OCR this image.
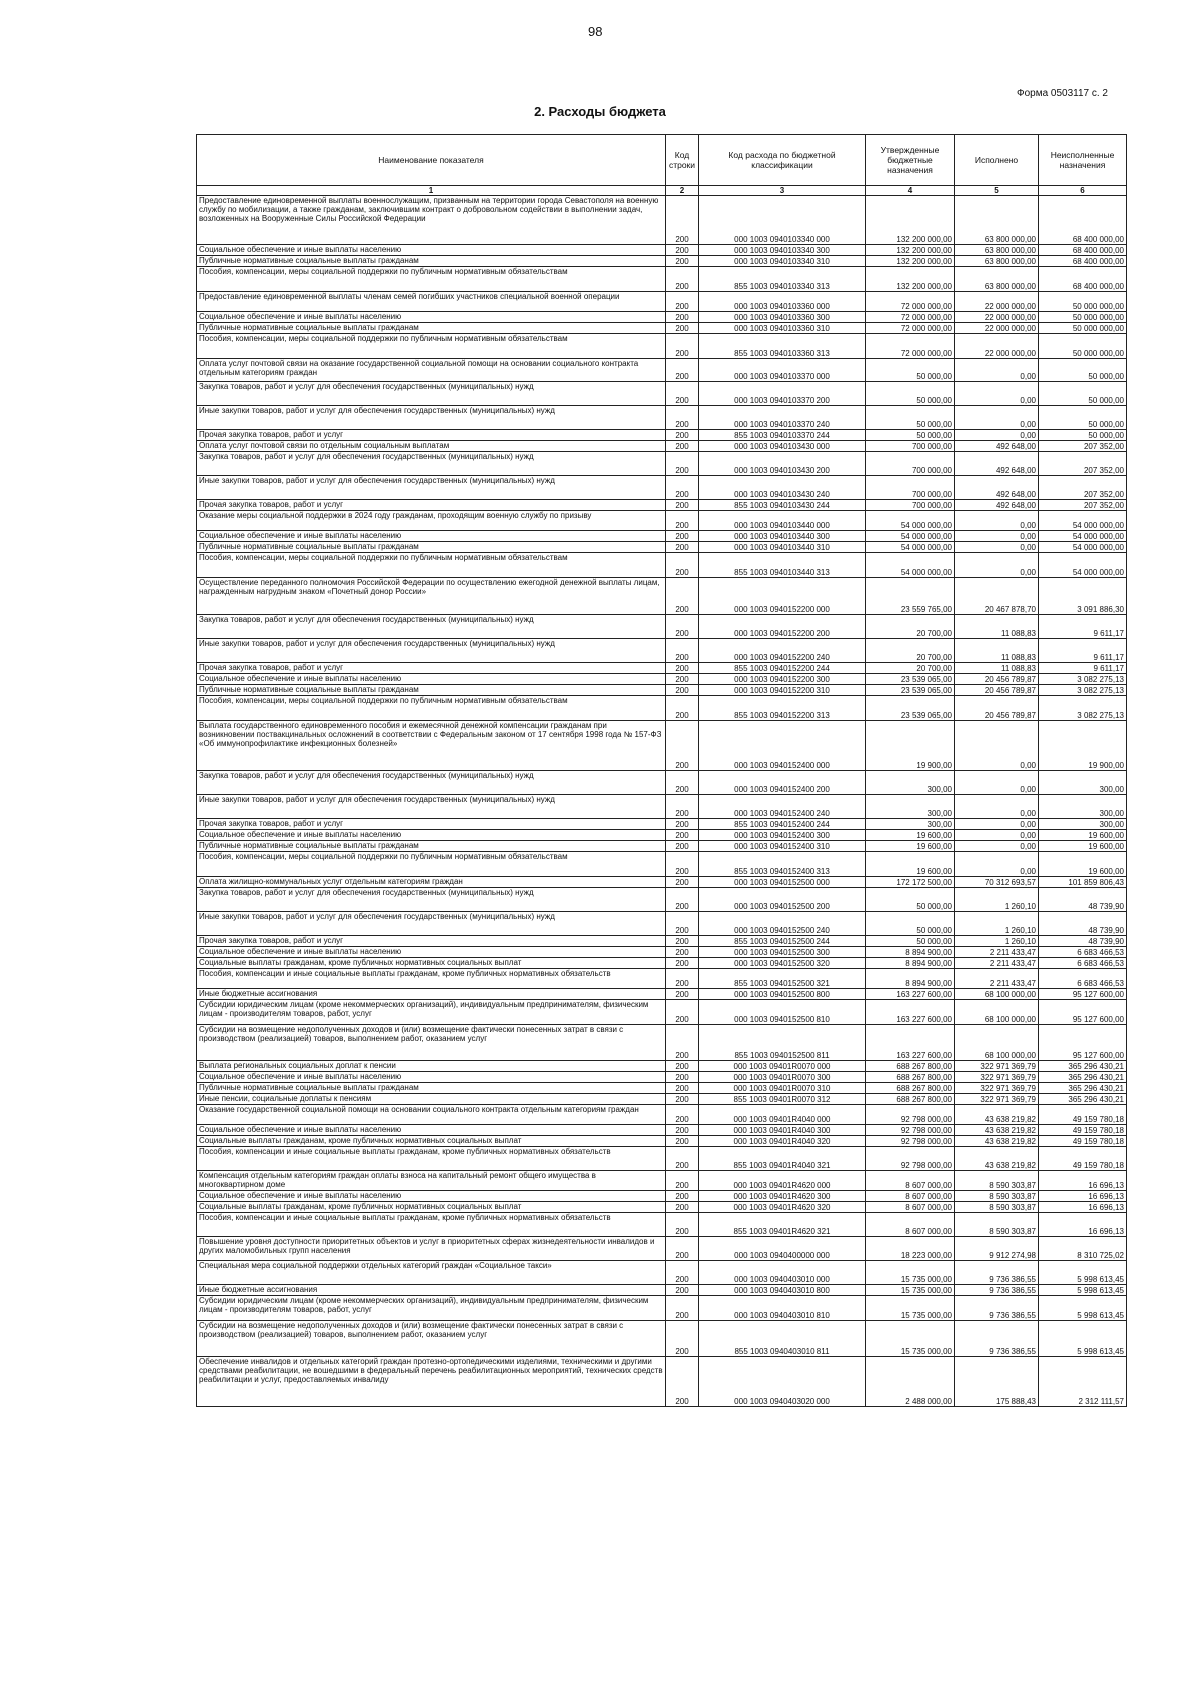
98
Форма 0503117 с. 2
2. Расходы бюджета
Наименование показателя	Код строки	Код расхода по бюджетной классификации	Утвержденные бюджетные назначения	Исполнено	Неисполненные назначения
1	2	3	4	5	6
Предоставление единовременной выплаты военнослужащим, призванным на территории города Севастополя на военную службу по мобилизации, а также гражданам, заключившим контракт о добровольном содействии в выполнении задач, возложенных на Вооруженные Силы Российской Федерации	200	000 1003 0940103340 000	132 200 000,00	63 800 000,00	68 400 000,00
Социальное обеспечение и иные выплаты населению	200	000 1003 0940103340 300	132 200 000,00	63 800 000,00	68 400 000,00
Публичные нормативные социальные выплаты гражданам	200	000 1003 0940103340 310	132 200 000,00	63 800 000,00	68 400 000,00
Пособия, компенсации, меры социальной поддержки по публичным нормативным обязательствам	200	855 1003 0940103340 313	132 200 000,00	63 800 000,00	68 400 000,00
Предоставление единовременной выплаты членам семей погибших участников специальной военной операции	200	000 1003 0940103360 000	72 000 000,00	22 000 000,00	50 000 000,00
Социальное обеспечение и иные выплаты населению	200	000 1003 0940103360 300	72 000 000,00	22 000 000,00	50 000 000,00
Публичные нормативные социальные выплаты гражданам	200	000 1003 0940103360 310	72 000 000,00	22 000 000,00	50 000 000,00
Пособия, компенсации, меры социальной поддержки по публичным нормативным обязательствам	200	855 1003 0940103360 313	72 000 000,00	22 000 000,00	50 000 000,00
Оплата услуг почтовой связи на оказание государственной социальной помощи на основании социального контракта отдельным категориям граждан	200	000 1003 0940103370 000	50 000,00	0,00	50 000,00
Закупка товаров, работ и услуг для обеспечения государственных (муниципальных) нужд	200	000 1003 0940103370 200	50 000,00	0,00	50 000,00
Иные закупки товаров, работ и услуг для обеспечения государственных (муниципальных) нужд	200	000 1003 0940103370 240	50 000,00	0,00	50 000,00
Прочая закупка товаров, работ и услуг	200	855 1003 0940103370 244	50 000,00	0,00	50 000,00
Оплата услуг почтовой связи по отдельным социальным выплатам	200	000 1003 0940103430 000	700 000,00	492 648,00	207 352,00
Закупка товаров, работ и услуг для обеспечения государственных (муниципальных) нужд	200	000 1003 0940103430 200	700 000,00	492 648,00	207 352,00
Иные закупки товаров, работ и услуг для обеспечения государственных (муниципальных) нужд	200	000 1003 0940103430 240	700 000,00	492 648,00	207 352,00
Прочая закупка товаров, работ и услуг	200	855 1003 0940103430 244	700 000,00	492 648,00	207 352,00
Оказание меры социальной поддержки в 2024 году гражданам, проходящим военную службу по призыву	200	000 1003 0940103440 000	54 000 000,00	0,00	54 000 000,00
Социальное обеспечение и иные выплаты населению	200	000 1003 0940103440 300	54 000 000,00	0,00	54 000 000,00
Публичные нормативные социальные выплаты гражданам	200	000 1003 0940103440 310	54 000 000,00	0,00	54 000 000,00
Пособия, компенсации, меры социальной поддержки по публичным нормативным обязательствам	200	855 1003 0940103440 313	54 000 000,00	0,00	54 000 000,00
Осуществление переданного полномочия Российской Федерации по осуществлению ежегодной денежной выплаты лицам, награжденным нагрудным знаком «Почетный донор России»	200	000 1003 0940152200 000	23 559 765,00	20 467 878,70	3 091 886,30
Закупка товаров, работ и услуг для обеспечения государственных (муниципальных) нужд	200	000 1003 0940152200 200	20 700,00	11 088,83	9 611,17
Иные закупки товаров, работ и услуг для обеспечения государственных (муниципальных) нужд	200	000 1003 0940152200 240	20 700,00	11 088,83	9 611,17
Прочая закупка товаров, работ и услуг	200	855 1003 0940152200 244	20 700,00	11 088,83	9 611,17
Социальное обеспечение и иные выплаты населению	200	000 1003 0940152200 300	23 539 065,00	20 456 789,87	3 082 275,13
Публичные нормативные социальные выплаты гражданам	200	000 1003 0940152200 310	23 539 065,00	20 456 789,87	3 082 275,13
Пособия, компенсации, меры социальной поддержки по публичным нормативным обязательствам	200	855 1003 0940152200 313	23 539 065,00	20 456 789,87	3 082 275,13
Выплата государственного единовременного пособия и ежемесячной денежной компенсации гражданам при возникновении поствакцинальных осложнений в соответствии с Федеральным законом от 17 сентября 1998 года № 157-ФЗ «Об иммунопрофилактике инфекционных болезней»	200	000 1003 0940152400 000	19 900,00	0,00	19 900,00
Закупка товаров, работ и услуг для обеспечения государственных (муниципальных) нужд	200	000 1003 0940152400 200	300,00	0,00	300,00
Иные закупки товаров, работ и услуг для обеспечения государственных (муниципальных) нужд	200	000 1003 0940152400 240	300,00	0,00	300,00
Прочая закупка товаров, работ и услуг	200	855 1003 0940152400 244	300,00	0,00	300,00
Социальное обеспечение и иные выплаты населению	200	000 1003 0940152400 300	19 600,00	0,00	19 600,00
Публичные нормативные социальные выплаты гражданам	200	000 1003 0940152400 310	19 600,00	0,00	19 600,00
Пособия, компенсации, меры социальной поддержки по публичным нормативным обязательствам	200	855 1003 0940152400 313	19 600,00	0,00	19 600,00
Оплата жилищно-коммунальных услуг отдельным категориям граждан	200	000 1003 0940152500 000	172 172 500,00	70 312 693,57	101 859 806,43
Закупка товаров, работ и услуг для обеспечения государственных (муниципальных) нужд	200	000 1003 0940152500 200	50 000,00	1 260,10	48 739,90
Иные закупки товаров, работ и услуг для обеспечения государственных (муниципальных) нужд	200	000 1003 0940152500 240	50 000,00	1 260,10	48 739,90
Прочая закупка товаров, работ и услуг	200	855 1003 0940152500 244	50 000,00	1 260,10	48 739,90
Социальное обеспечение и иные выплаты населению	200	000 1003 0940152500 300	8 894 900,00	2 211 433,47	6 683 466,53
Социальные выплаты гражданам, кроме публичных нормативных социальных выплат	200	000 1003 0940152500 320	8 894 900,00	2 211 433,47	6 683 466,53
Пособия, компенсации и иные социальные выплаты гражданам, кроме публичных нормативных обязательств	200	855 1003 0940152500 321	8 894 900,00	2 211 433,47	6 683 466,53
Иные бюджетные ассигнования	200	000 1003 0940152500 800	163 227 600,00	68 100 000,00	95 127 600,00
Субсидии юридическим лицам (кроме некоммерческих организаций), индивидуальным предпринимателям, физическим лицам - производителям товаров, работ, услуг	200	000 1003 0940152500 810	163 227 600,00	68 100 000,00	95 127 600,00
Субсидии на возмещение недополученных доходов и (или) возмещение фактически понесенных затрат в связи с производством (реализацией) товаров, выполнением работ, оказанием услуг	200	855 1003 0940152500 811	163 227 600,00	68 100 000,00	95 127 600,00
Выплата региональных социальных доплат к пенсии	200	000 1003 09401R0070 000	688 267 800,00	322 971 369,79	365 296 430,21
Социальное обеспечение и иные выплаты населению	200	000 1003 09401R0070 300	688 267 800,00	322 971 369,79	365 296 430,21
Публичные нормативные социальные выплаты гражданам	200	000 1003 09401R0070 310	688 267 800,00	322 971 369,79	365 296 430,21
Иные пенсии, социальные доплаты к пенсиям	200	855 1003 09401R0070 312	688 267 800,00	322 971 369,79	365 296 430,21
Оказание государственной социальной помощи на основании социального контракта отдельным категориям граждан	200	000 1003 09401R4040 000	92 798 000,00	43 638 219,82	49 159 780,18
Социальное обеспечение и иные выплаты населению	200	000 1003 09401R4040 300	92 798 000,00	43 638 219,82	49 159 780,18
Социальные выплаты гражданам, кроме публичных нормативных социальных выплат	200	000 1003 09401R4040 320	92 798 000,00	43 638 219,82	49 159 780,18
Пособия, компенсации и иные социальные выплаты гражданам, кроме публичных нормативных обязательств	200	855 1003 09401R4040 321	92 798 000,00	43 638 219,82	49 159 780,18
Компенсация отдельным категориям граждан оплаты взноса на капитальный ремонт общего имущества в многоквартирном доме	200	000 1003 09401R4620 000	8 607 000,00	8 590 303,87	16 696,13
Социальное обеспечение и иные выплаты населению	200	000 1003 09401R4620 300	8 607 000,00	8 590 303,87	16 696,13
Социальные выплаты гражданам, кроме публичных нормативных социальных выплат	200	000 1003 09401R4620 320	8 607 000,00	8 590 303,87	16 696,13
Пособия, компенсации и иные социальные выплаты гражданам, кроме публичных нормативных обязательств	200	855 1003 09401R4620 321	8 607 000,00	8 590 303,87	16 696,13
Повышение уровня доступности приоритетных объектов и услуг в приоритетных сферах жизнедеятельности инвалидов и других маломобильных групп населения	200	000 1003 0940400000 000	18 223 000,00	9 912 274,98	8 310 725,02
Специальная мера социальной поддержки отдельных категорий граждан «Социальное такси»	200	000 1003 0940403010 000	15 735 000,00	9 736 386,55	5 998 613,45
Иные бюджетные ассигнования	200	000 1003 0940403010 800	15 735 000,00	9 736 386,55	5 998 613,45
Субсидии юридическим лицам (кроме некоммерческих организаций), индивидуальным предпринимателям, физическим лицам - производителям товаров, работ, услуг	200	000 1003 0940403010 810	15 735 000,00	9 736 386,55	5 998 613,45
Субсидии на возмещение недополученных доходов и (или) возмещение фактически понесенных затрат в связи с производством (реализацией) товаров, выполнением работ, оказанием услуг	200	855 1003 0940403010 811	15 735 000,00	9 736 386,55	5 998 613,45
Обеспечение инвалидов и отдельных категорий граждан протезно-ортопедическими изделиями, техническими и другими средствами реабилитации, не вошедшими в федеральный перечень реабилитационных мероприятий, технических средств реабилитации и услуг, предоставляемых инвалиду	200	000 1003 0940403020 000	2 488 000,00	175 888,43	2 312 111,57
